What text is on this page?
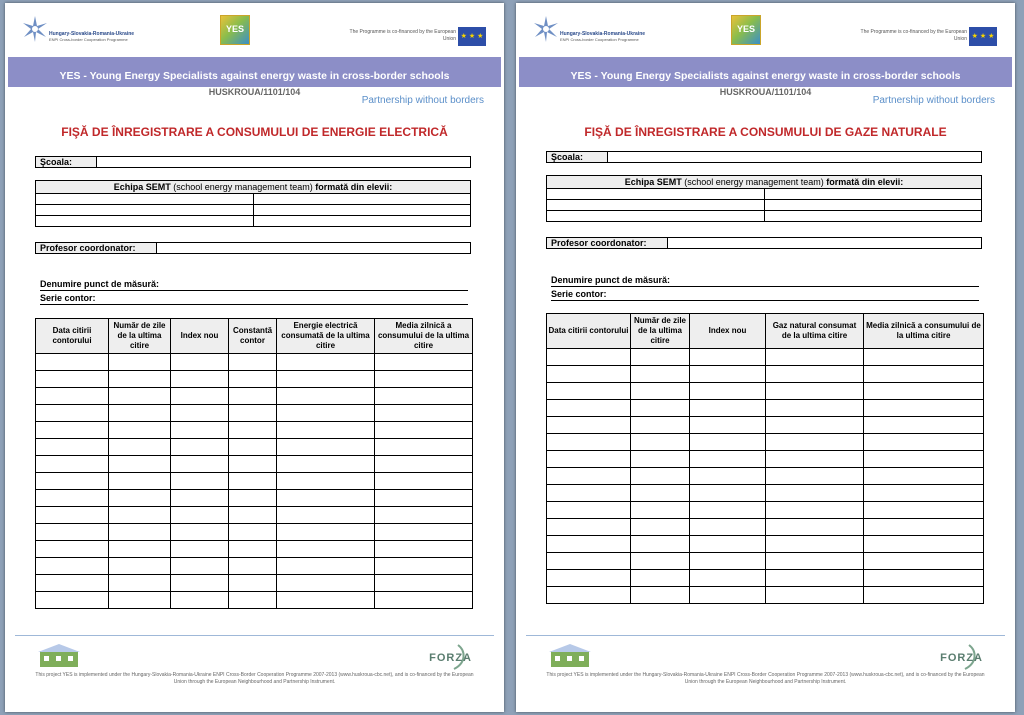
Hungary-Slovakia-Romania-Ukraine
ENPI Cross-border Cooperation Programme
YES	The Programme is co-financed by the European Union ★ ★ ★
YES - Young Energy Specialists against energy waste in cross-border schools
HUSKROUA/1101/104
Partnership without borders
FIŞĂ DE ÎNREGISTRARE A CONSUMULUI DE ENERGIE ELECTRICĂ
Şcoala:
Echipa SEMT (school energy management team) formată din elevii:	

Profesor coordonator:
Denumire punct de măsură:
Serie contor:
Data citirii contorului	Număr de zile de la ultima citire	Index nou	Constantă contor	Energie electrică consumată de la ultima citire	Media zilnică a consumului de la ultima citire

FORZA
This project YES is implemented under the Hungary-Slovakia-Romania-Ukraine ENPI Cross-Border Cooperation Programme 2007-2013 (www.huskroua-cbc.net), and is co-financed by the European Union through the European Neighbourhood and Partnership Instrument.
Hungary-Slovakia-Romania-Ukraine
ENPI Cross-border Cooperation Programme
YES	The Programme is co-financed by the European Union ★ ★ ★
YES - Young Energy Specialists against energy waste in cross-border schools
HUSKROUA/1101/104
Partnership without borders
FIŞĂ DE ÎNREGISTRARE A CONSUMULUI DE GAZE NATURALE
Şcoala:
Echipa SEMT (school energy management team) formată din elevii:	

Profesor coordonator:
Denumire punct de măsură:
Serie contor:
Data citirii contorului	Număr de zile de la ultima citire	Index nou	Gaz natural consumat de la ultima citire	Media zilnică a consumului de la ultima citire

FORZA
This project YES is implemented under the Hungary-Slovakia-Romania-Ukraine ENPI Cross-Border Cooperation Programme 2007-2013 (www.huskroua-cbc.net), and is co-financed by the European Union through the European Neighbourhood and Partnership Instrument.
